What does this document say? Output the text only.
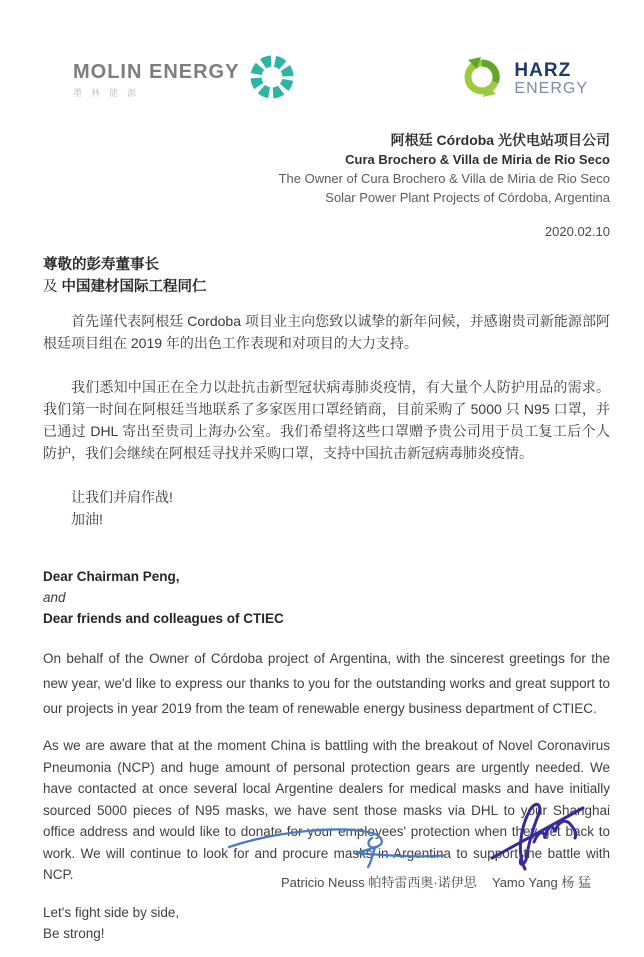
MOLIN ENERGY
墨林能源
HARZ
ENERGY
阿根廷 Córdoba 光伏电站项目公司
Cura Brochero & Villa de Miria de Rio Seco
The Owner of Cura Brochero & Villa de Miria de Rio Seco
Solar Power Plant Projects of Córdoba, Argentina
2020.02.10
尊敬的彭寿董事长
及 中国建材国际工程同仁

首先谨代表阿根廷 Cordoba 项目业主向您致以诚挚的新年问候，并感谢贵司新能源部阿根廷项目组在 2019 年的出色工作表现和对项目的大力支持。

我们悉知中国正在全力以赴抗击新型冠状病毒肺炎疫情，有大量个人防护用品的需求。我们第一时间在阿根廷当地联系了多家医用口罩经销商，目前采购了 5000 只 N95 口罩，并已通过 DHL 寄出至贵司上海办公室。我们希望将这些口罩赠予贵公司用于员工复工后个人防护，我们会继续在阿根廷寻找并采购口罩，支持中国抗击新冠病毒肺炎疫情。

让我们并肩作战!
加油!
Dear Chairman Peng,
and
Dear friends and colleagues of CTIEC

On behalf of the Owner of Córdoba project of Argentina, with the sincerest greetings for the new year, we'd like to express our thanks to you for the outstanding works and great support to our projects in year 2019 from the team of renewable energy business department of CTIEC.

As we are aware that at the moment China is battling with the breakout of Novel Coronavirus Pneumonia (NCP) and huge amount of personal protection gears are urgently needed. We have contacted at once several local Argentine dealers for medical masks and have initially sourced 5000 pieces of N95 masks, we have sent those masks via DHL to your Shanghai office address and would like to donate for your employees' protection when they get back to work. We will continue to look for and procure masks in Argentina to support the battle with NCP.

Let's fight side by side,
Be strong!
Patricio Neuss 帕特雷西奥·诺伊思 Yamo Yang 杨 猛
